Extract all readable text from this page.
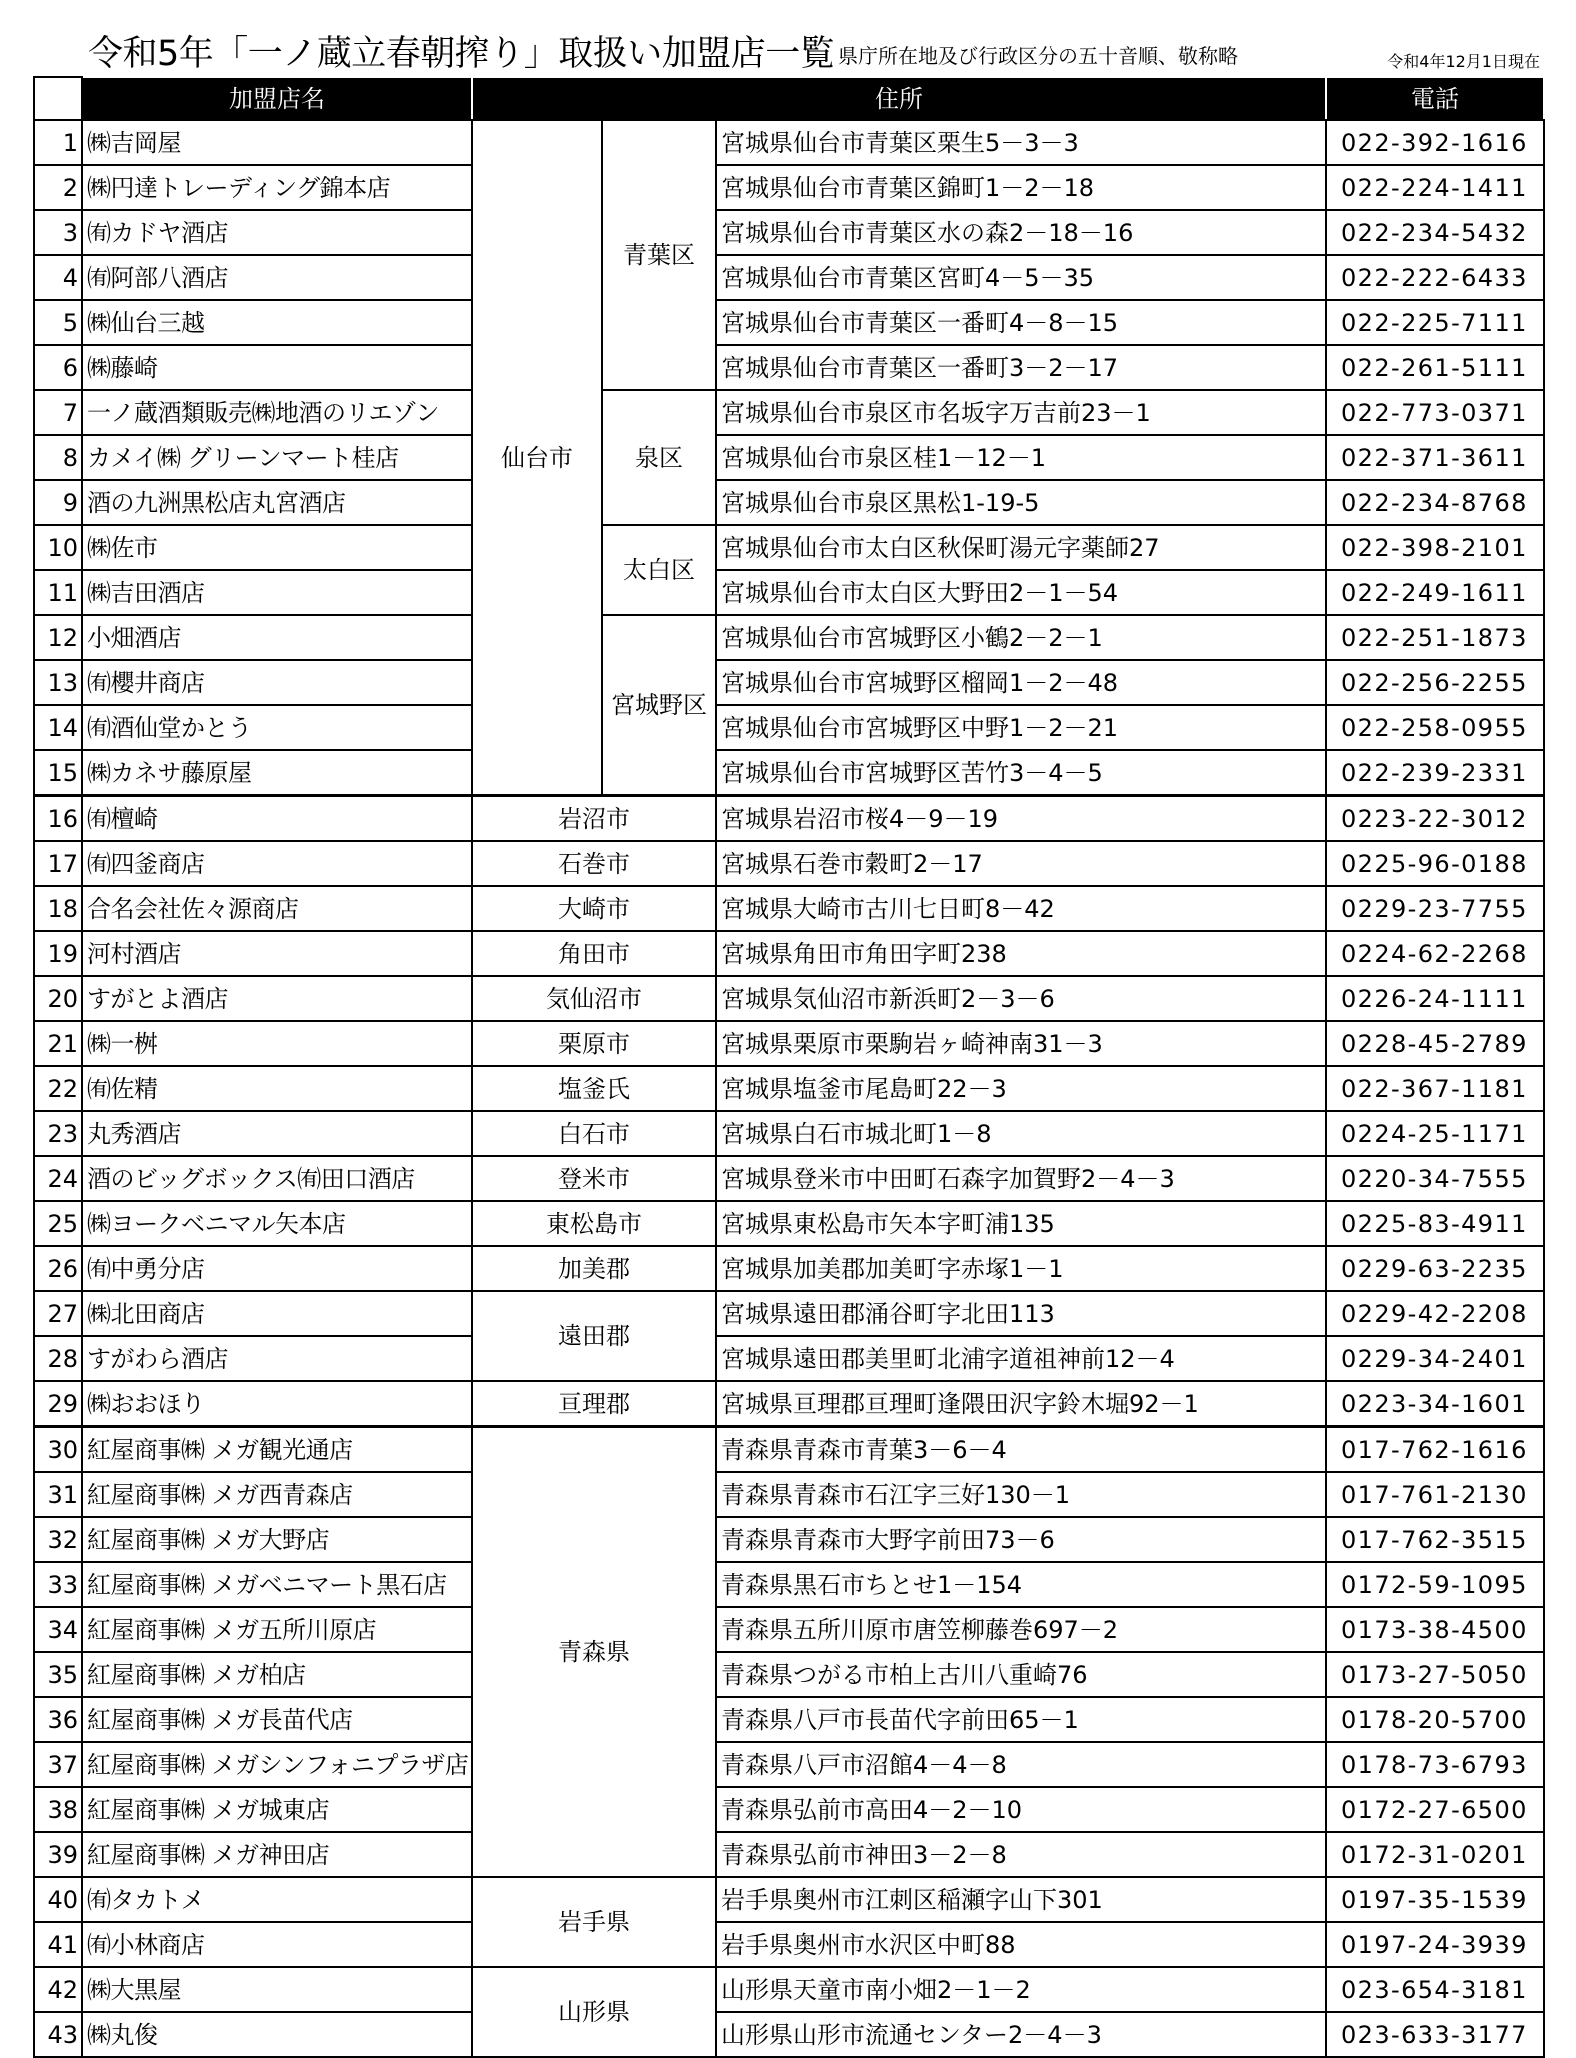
令和5年「一ノ蔵立春朝搾り」取扱い加盟店一覧 県庁所在地及び行政区分の五十音順、敬称略	令和4年12月1日現在
	加盟店名	住所			電話
1	㈱吉岡屋	仙台市	青葉区	宮城県仙台市青葉区栗生5－3－3	022-392-1616
2	㈱円達トレーディング錦本店			宮城県仙台市青葉区錦町1－2－18	022-224-1411
3	㈲カドヤ酒店			宮城県仙台市青葉区水の森2－18－16	022-234-5432
4	㈲阿部八酒店			宮城県仙台市青葉区宮町4－5－35	022-222-6433
5	㈱仙台三越			宮城県仙台市青葉区一番町4－8－15	022-225-7111
6	㈱藤崎			宮城県仙台市青葉区一番町3－2－17	022-261-5111
7	一ノ蔵酒類販売㈱地酒のリエゾン		泉区	宮城県仙台市泉区市名坂字万吉前23－1	022-773-0371
8	カメイ㈱ グリーンマート桂店			宮城県仙台市泉区桂1－12－1	022-371-3611
9	酒の九洲黒松店丸宮酒店			宮城県仙台市泉区黒松1-19-5	022-234-8768
10	㈱佐市		太白区	宮城県仙台市太白区秋保町湯元字薬師27	022-398-2101
11	㈱吉田酒店			宮城県仙台市太白区大野田2－1－54	022-249-1611
12	小畑酒店		宮城野区	宮城県仙台市宮城野区小鶴2－2－1	022-251-1873
13	㈲櫻井商店			宮城県仙台市宮城野区榴岡1－2－48	022-256-2255
14	㈲酒仙堂かとう			宮城県仙台市宮城野区中野1－2－21	022-258-0955
15	㈱カネサ藤原屋			宮城県仙台市宮城野区苦竹3－4－5	022-239-2331
16	㈲檀崎	岩沼市		宮城県岩沼市桜4－9－19	0223-22-3012
17	㈲四釜商店	石巻市		宮城県石巻市穀町2－17	0225-96-0188
18	合名会社佐々源商店	大崎市		宮城県大崎市古川七日町8－42	0229-23-7755
19	河村酒店	角田市		宮城県角田市角田字町238	0224-62-2268
20	すがとよ酒店	気仙沼市		宮城県気仙沼市新浜町2－3－6	0226-24-1111
21	㈱一桝	栗原市		宮城県栗原市栗駒岩ヶ崎神南31－3	0228-45-2789
22	㈲佐精	塩釜氏		宮城県塩釜市尾島町22－3	022-367-1181
23	丸秀酒店	白石市		宮城県白石市城北町1－8	0224-25-1171
24	酒のビッグボックス㈲田口酒店	登米市		宮城県登米市中田町石森字加賀野2－4－3	0220-34-7555
25	㈱ヨークベニマル矢本店	東松島市		宮城県東松島市矢本字町浦135	0225-83-4911
26	㈲中勇分店	加美郡		宮城県加美郡加美町字赤塚1－1	0229-63-2235
27	㈱北田商店	遠田郡		宮城県遠田郡涌谷町字北田113	0229-42-2208
28	すがわら酒店			宮城県遠田郡美里町北浦字道祖神前12－4	0229-34-2401
29	㈱おおほり	亘理郡		宮城県亘理郡亘理町逢隈田沢字鈴木堀92－1	0223-34-1601
30	紅屋商事㈱ メガ観光通店	青森県		青森県青森市青葉3－6－4	017-762-1616
31	紅屋商事㈱ メガ西青森店			青森県青森市石江字三好130－1	017-761-2130
32	紅屋商事㈱ メガ大野店			青森県青森市大野字前田73－6	017-762-3515
33	紅屋商事㈱ メガベニマート黒石店			青森県黒石市ちとせ1－154	0172-59-1095
34	紅屋商事㈱ メガ五所川原店			青森県五所川原市唐笠柳藤巻697－2	0173-38-4500
35	紅屋商事㈱ メガ柏店			青森県つがる市柏上古川八重崎76	0173-27-5050
36	紅屋商事㈱ メガ長苗代店			青森県八戸市長苗代字前田65－1	0178-20-5700
37	紅屋商事㈱ メガシンフォニプラザ店			青森県八戸市沼館4－4－8	0178-73-6793
38	紅屋商事㈱ メガ城東店			青森県弘前市高田4－2－10	0172-27-6500
39	紅屋商事㈱ メガ神田店			青森県弘前市神田3－2－8	0172-31-0201
40	㈲タカトメ	岩手県		岩手県奥州市江刺区稲瀬字山下301	0197-35-1539
41	㈲小林商店			岩手県奥州市水沢区中町88	0197-24-3939
42	㈱大黒屋	山形県		山形県天童市南小畑2－1－2	023-654-3181
43	㈱丸俊			山形県山形市流通センター2－4－3	023-633-3177
